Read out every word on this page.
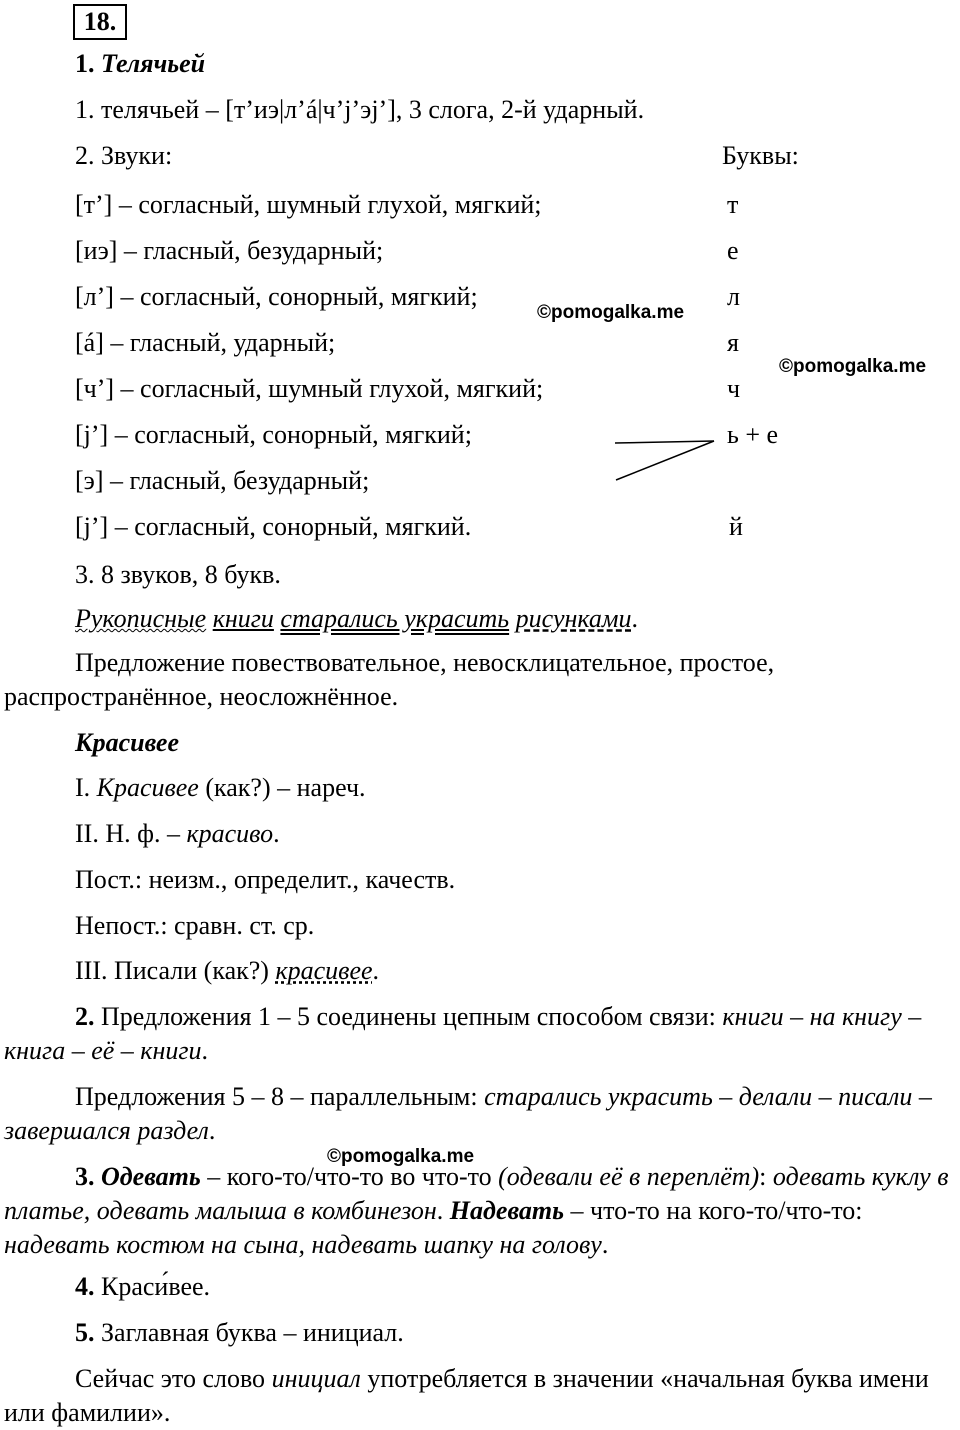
18.
1. Телячьей
1. телячьей – [т’иэ|л’á|ч’j’эj’], 3 слога, 2-й ударный.
2. Звуки:	Буквы:
[т’] – согласный, шумный глухой, мягкий;	т
[иэ] – гласный, безударный;	е
[л’] – согласный, сонорный, мягкий;	л
[á] – гласный, ударный;	я
[ч’] – согласный, шумный глухой, мягкий;	ч
[j’] – согласный, сонорный, мягкий;	ь + е
[э] – гласный, безударный;
[j’] – согласный, сонорный, мягкий.	й
3. 8 звуков, 8 букв.
Рукописные книги старались украсить рисунками.
Предложение повествовательное, невосклицательное, простое, распространённое, неосложнённое.
Красивее
I. Красивее (как?) – нареч.
II. Н. ф. – красиво.
Пост.: неизм., определит., качеств.
Непост.: сравн. ст. ср.
III. Писали (как?) красивее.
2. Предложения 1 – 5 соединены цепным способом связи: книги – на книгу – книга – её – книги.
Предложения 5 – 8 – параллельным: старались украсить – делали – писали – завершался раздел.
3. Одевать – кого-то/что-то во что-то (одевали её в переплёт): одевать куклу в платье, одевать малыша в комбинезон. Надевать – что-то на кого-то/что-то: надевать костюм на сына, надевать шапку на голову.
4. Краси́вее.
5. Заглавная буква – инициал.
Сейчас это слово инициал употребляется в значении «начальная буква имени или фамилии».
©pomogalka.me
©pomogalka.me
©pomogalka.me
